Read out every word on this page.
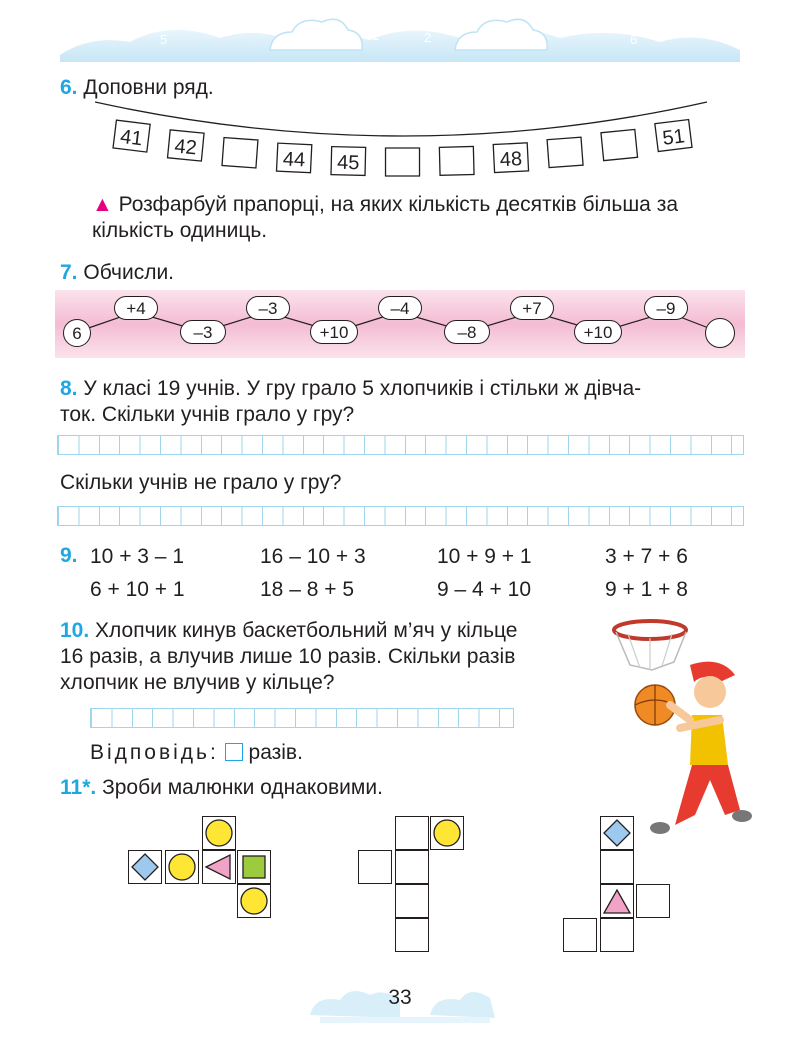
7	5
3	1
0
2	4
6
8
6. Доповни ряд.
41 42
44 45	48
51
▲ Розфарбуй прапорці, на яких кількість десятків більша за кількість одиниць.
7. Обчисли.
6
+4	–3	–4	+7	–9
–3	+10	–8	+10
8. У класі 19 учнів. У гру грало 5 хлопчиків і стільки ж дівча-
ток. Скільки учнів грало у гру?
Скільки учнів не грало у гру?
9. 10 + 3 – 1	16 – 10 + 3	10 + 9 + 1	3 + 7 + 6
6 + 10 + 1	18 – 8 + 5	9 – 4 + 10	9 + 1 + 8
10. Хлопчик кинув баскетбольний м’яч у кільце
16 разів, а влучив лише 10 разів. Скільки разів
хлопчик не влучив у кільце?
Відповідь: разів.
11*. Зроби малюнки однаковими.
33
